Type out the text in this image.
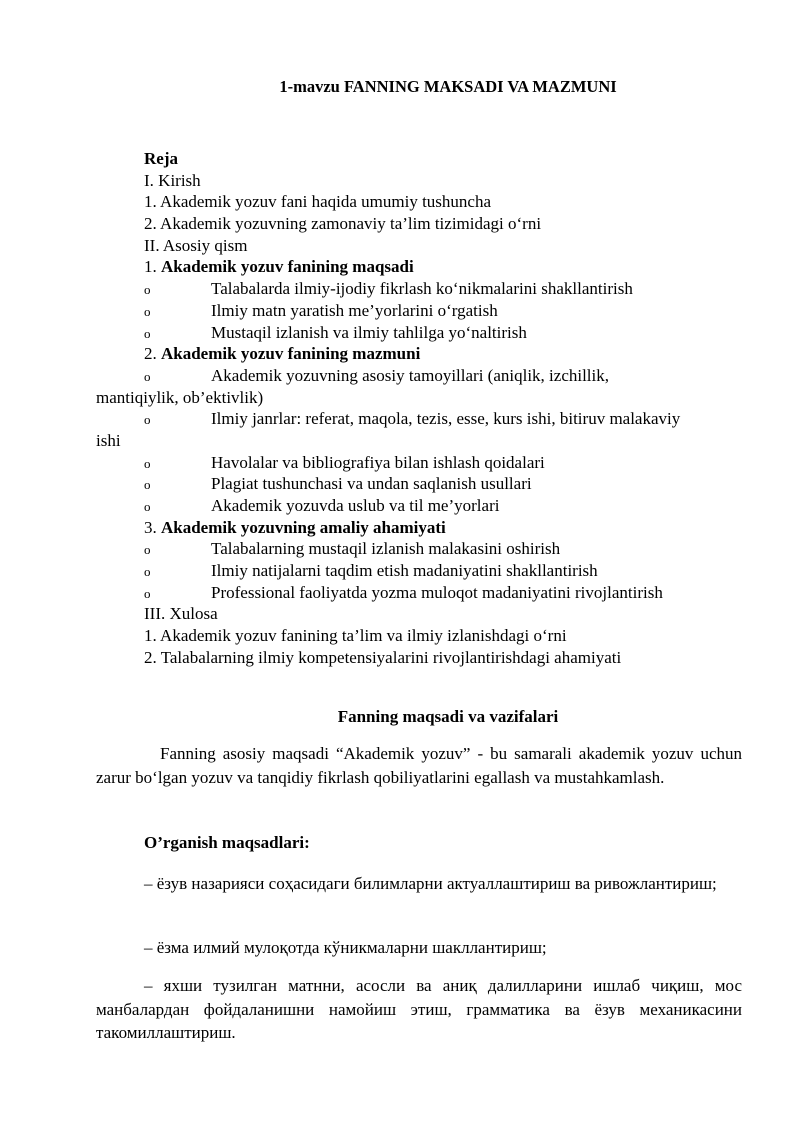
1-mavzu FANNING MAKSADI VA MAZMUNI
Reja
I. Kirish
1. Akademik yozuv fani haqida umumiy tushuncha
2. Akademik yozuvning zamonaviy ta’lim tizimidagi o‘rni
II. Asosiy qism
1. Akademik yozuv fanining maqsadi
o	Talabalarda ilmiy-ijodiy fikrlash ko‘nikmalarini shakllantirish
o	Ilmiy matn yaratish me’yorlarini o‘rgatish
o	Mustaqil izlanish va ilmiy tahlilga yo‘naltirish
2. Akademik yozuv fanining mazmuni
o	Akademik yozuvning asosiy tamoyillari (aniqlik, izchillik,
mantiqiylik, ob’ektivlik)
o	Ilmiy janrlar: referat, maqola, tezis, esse, kurs ishi, bitiruv malakaviy
ishi
o	Havolalar va bibliografiya bilan ishlash qoidalari
o	Plagiat tushunchasi va undan saqlanish usullari
o	Akademik yozuvda uslub va til me’yorlari
3. Akademik yozuvning amaliy ahamiyati
o	Talabalarning mustaqil izlanish malakasini oshirish
o	Ilmiy natijalarni taqdim etish madaniyatini shakllantirish
o	Professional faoliyatda yozma muloqot madaniyatini rivojlantirish
III. Xulosa
1. Akademik yozuv fanining ta’lim va ilmiy izlanishdagi o‘rni
2. Talabalarning ilmiy kompetensiyalarini rivojlantirishdagi ahamiyati
Fanning maqsadi va vazifalari
Fanning asosiy maqsadi “Akademik yozuv” - bu samarali akademik yozuv uchun zarur bo‘lgan yozuv va tanqidiy fikrlash qobiliyatlarini egallash va mustahkamlash.
O’rganish maqsadlari:
– ёзув назарияси соҳасидаги билимларни актуаллаштириш ва ривожлантириш;
– ёзма илмий мулоқотда кўникмаларни шакллантириш;
– яхши тузилган матнни, асосли ва аниқ далилларини ишлаб чиқиш, мос манбалардан фойдаланишни намойиш этиш, грамматика ва ёзув механикасини такомиллаштириш.
